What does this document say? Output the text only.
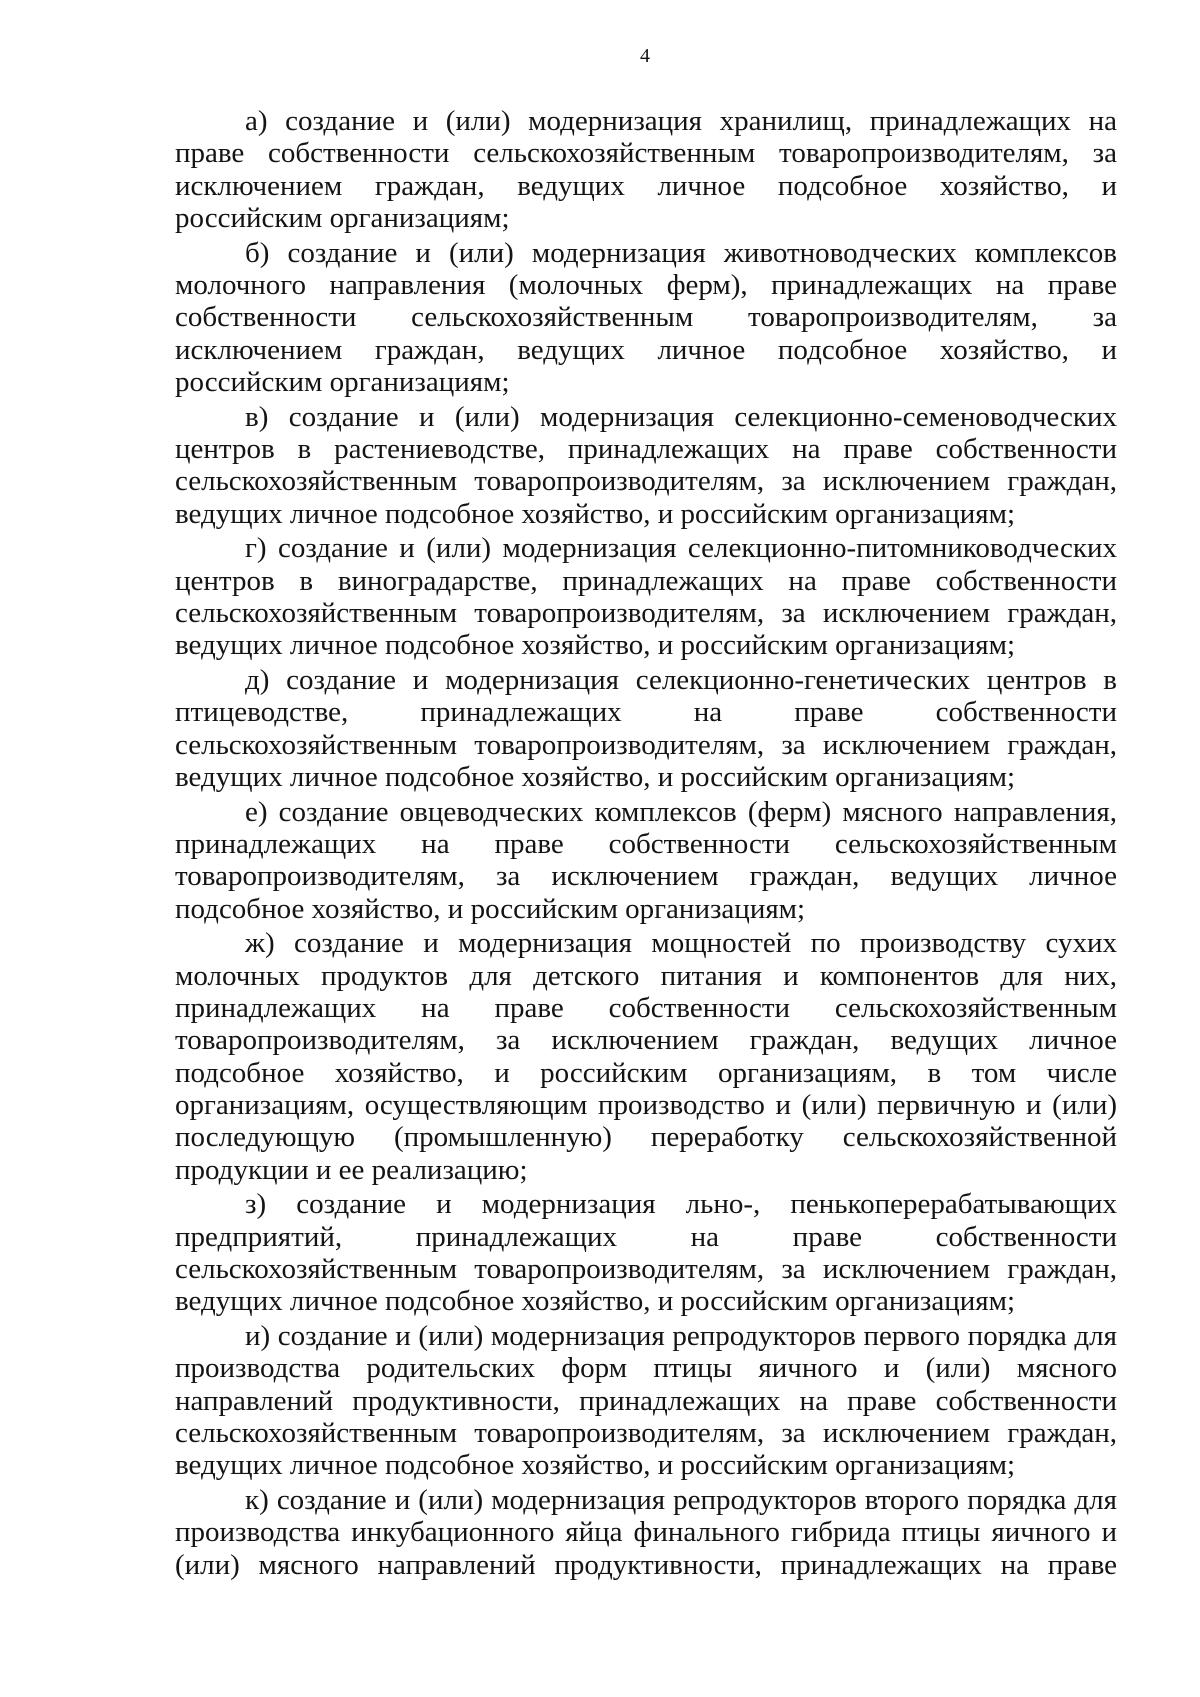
4

а) создание и (или) модернизация хранилищ, принадлежащих на праве собственности сельскохозяйственным товаропроизводителям, за исключением граждан, ведущих личное подсобное хозяйство, и российским организациям;

б) создание и (или) модернизация животноводческих комплексов молочного направления (молочных ферм), принадлежащих на праве собственности сельскохозяйственным товаропроизводителям, за исключением граждан, ведущих личное подсобное хозяйство, и российским организациям;

в) создание и (или) модернизация селекционно-семеноводческих центров в растениеводстве, принадлежащих на праве собственности сельскохозяйственным товаропроизводителям, за исключением граждан, ведущих личное подсобное хозяйство, и российским организациям;

г) создание и (или) модернизация селекционно-питомниководческих центров в виноградарстве, принадлежащих на праве собственности сельскохозяйственным товаропроизводителям, за исключением граждан, ведущих личное подсобное хозяйство, и российским организациям;

д) создание и модернизация селекционно-генетических центров в птицеводстве, принадлежащих на праве собственности сельскохозяйственным товаропроизводителям, за исключением граждан, ведущих личное подсобное хозяйство, и российским организациям;

е) создание овцеводческих комплексов (ферм) мясного направления, принадлежащих на праве собственности сельскохозяйственным товаропроизводителям, за исключением граждан, ведущих личное подсобное хозяйство, и российским организациям;

ж) создание и модернизация мощностей по производству сухих молочных продуктов для детского питания и компонентов для них, принадлежащих на праве собственности сельскохозяйственным товаропроизводителям, за исключением граждан, ведущих личное подсобное хозяйство, и российским организациям, в том числе организациям, осуществляющим производство и (или) первичную и (или) последующую (промышленную) переработку сельскохозяйственной продукции и ее реализацию;

з) создание и модернизация льно-, пенькоперерабатывающих предприятий, принадлежащих на праве собственности сельскохозяйственным товаропроизводителям, за исключением граждан, ведущих личное подсобное хозяйство, и российским организациям;

и) создание и (или) модернизация репродукторов первого порядка для производства родительских форм птицы яичного и (или) мясного направлений продуктивности, принадлежащих на праве собственности сельскохозяйственным товаропроизводителям, за исключением граждан, ведущих личное подсобное хозяйство, и российским организациям;

к) создание и (или) модернизация репродукторов второго порядка для производства инкубационного яйца финального гибрида птицы яичного и (или) мясного направлений продуктивности, принадлежащих на праве
